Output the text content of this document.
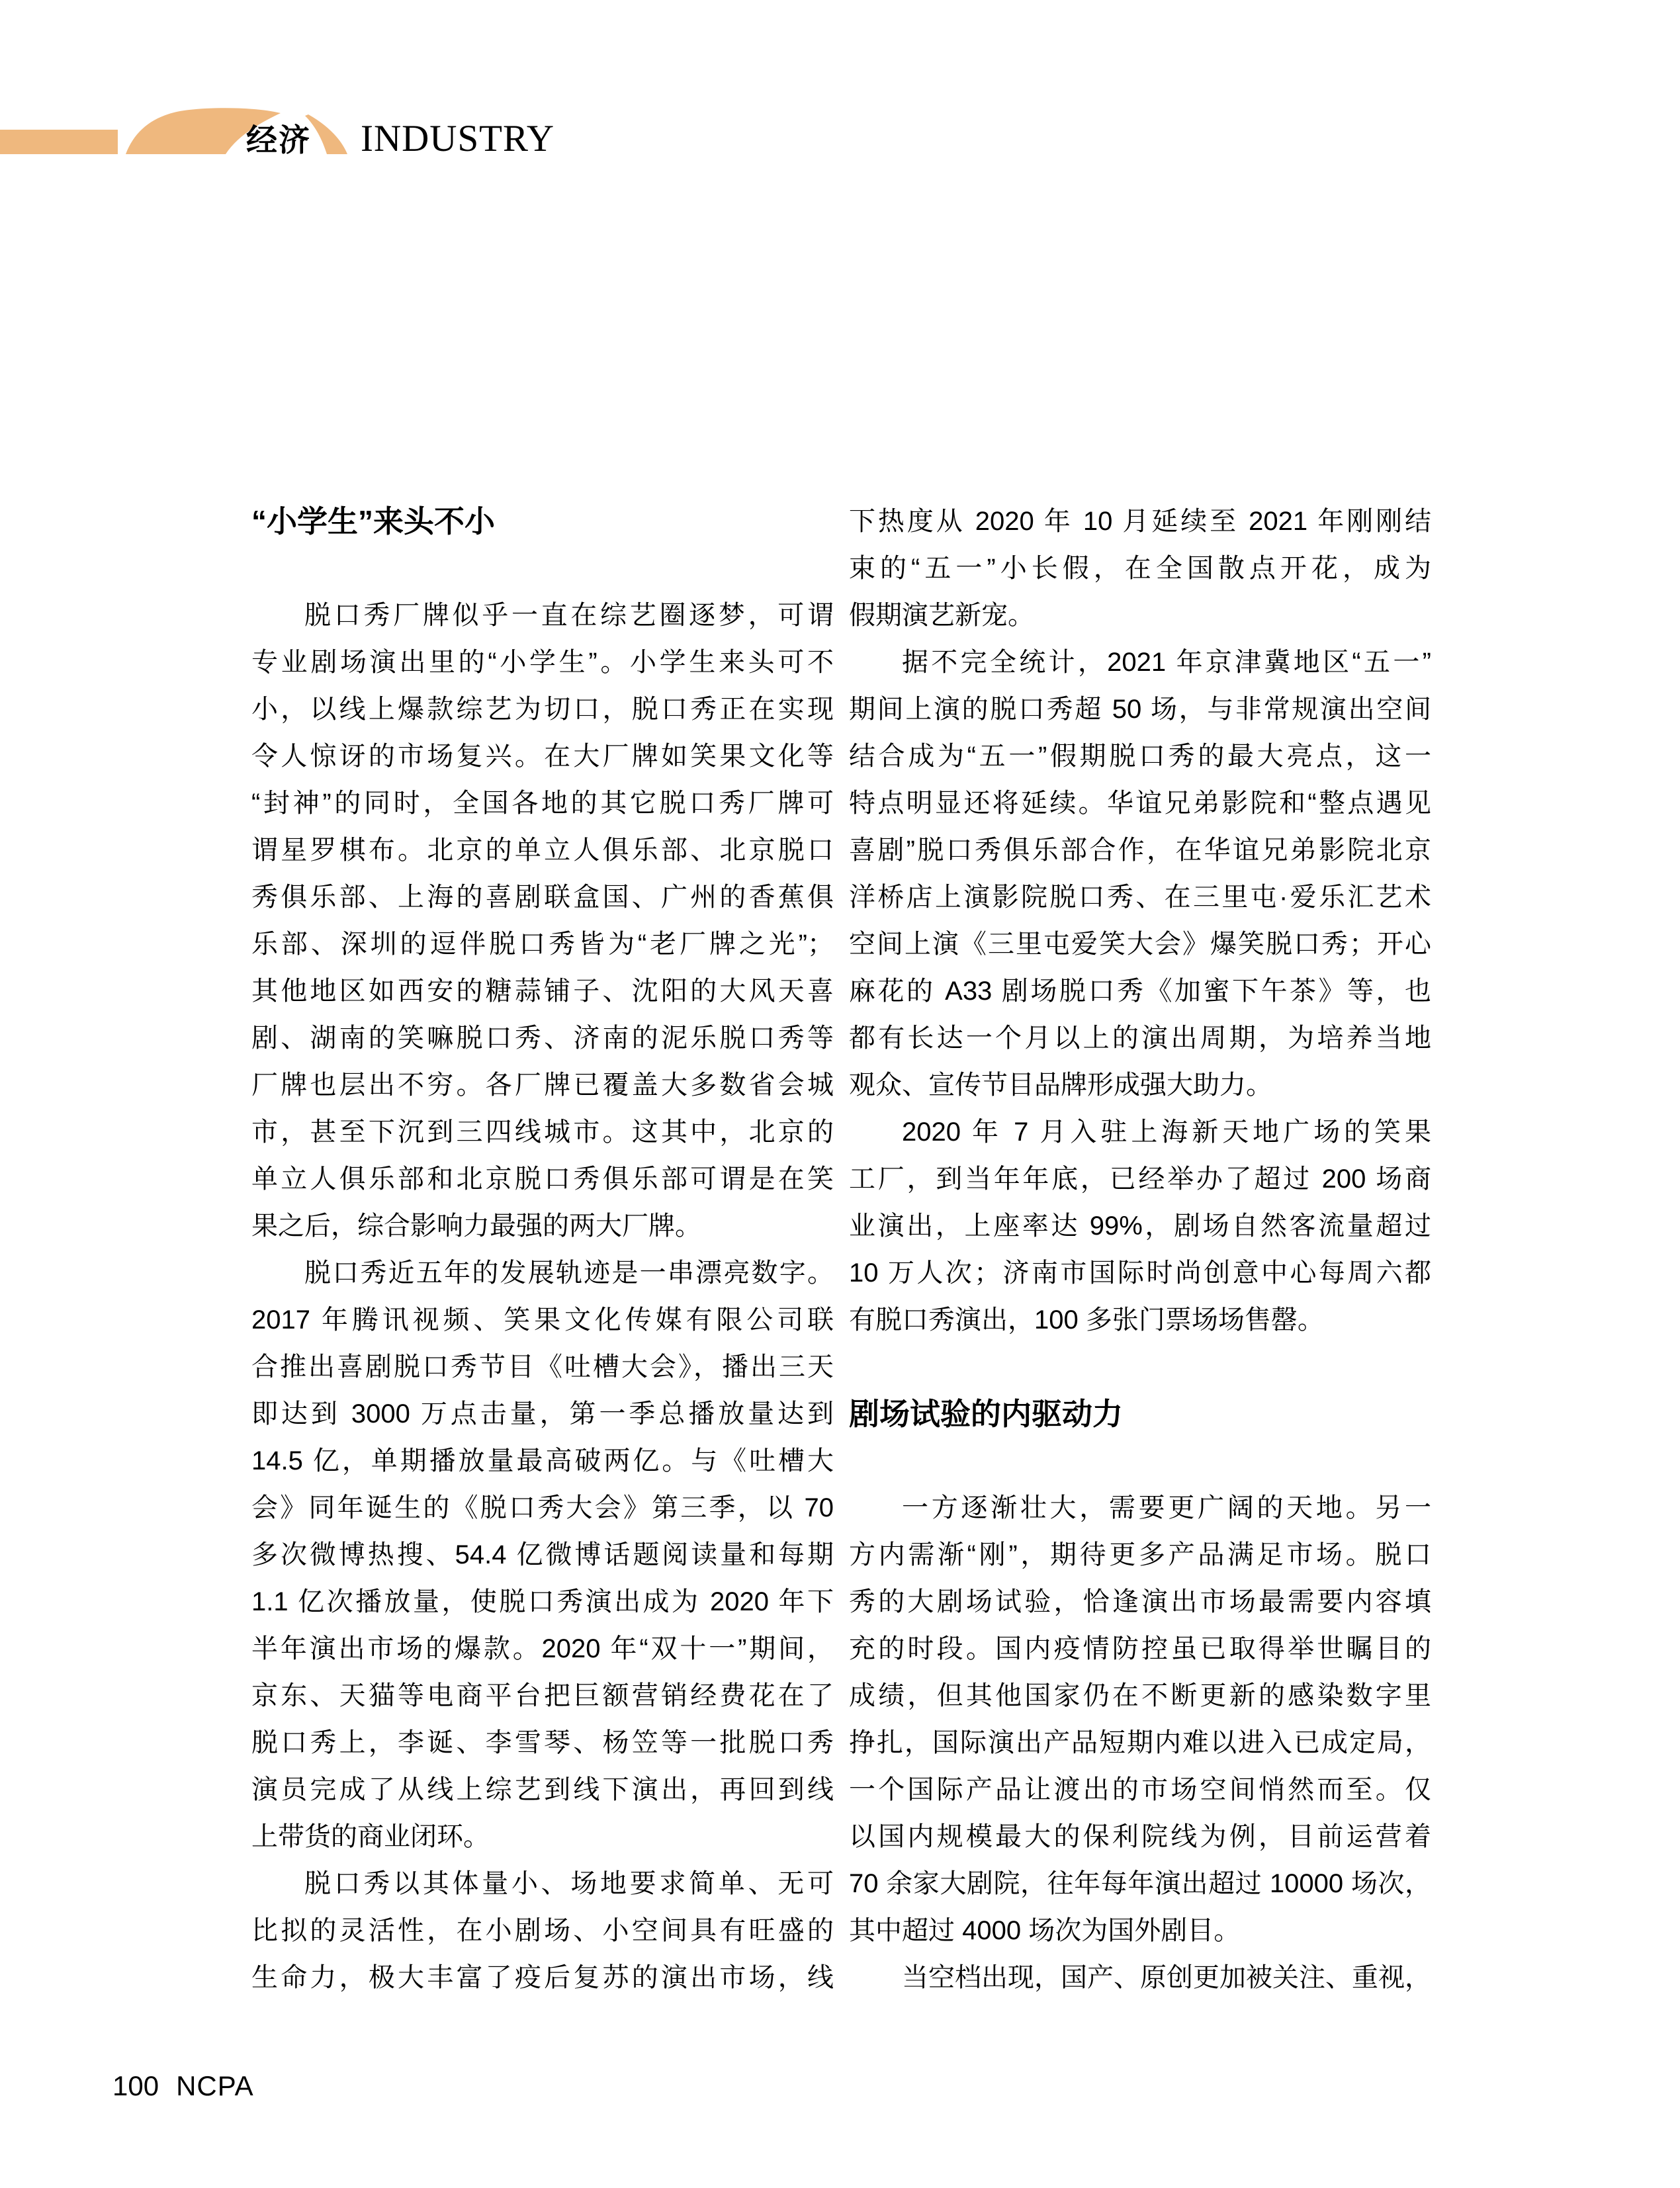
经济 INDUSTRY
“小学生”来头不小
脱口秀厂牌似乎一直在综艺圈逐梦，可谓
专业剧场演出里的“小学生”。小学生来头可不
小，以线上爆款综艺为切口，脱口秀正在实现
令人惊讶的市场复兴。在大厂牌如笑果文化等
“封神”的同时，全国各地的其它脱口秀厂牌可
谓星罗棋布。北京的单立人俱乐部、北京脱口
秀俱乐部、上海的喜剧联盒国、广州的香蕉俱
乐部、深圳的逗伴脱口秀皆为“老厂牌之光”；
其他地区如西安的糖蒜铺子、沈阳的大风天喜
剧、湖南的笑嘛脱口秀、济南的泥乐脱口秀等
厂牌也层出不穷。各厂牌已覆盖大多数省会城
市，甚至下沉到三四线城市。这其中，北京的
单立人俱乐部和北京脱口秀俱乐部可谓是在笑
果之后，综合影响力最强的两大厂牌。
脱口秀近五年的发展轨迹是一串漂亮数字。
2017 年腾讯视频、笑果文化传媒有限公司联
合推出喜剧脱口秀节目《吐槽大会》，播出三天
即达到 3000 万点击量，第一季总播放量达到
14.5 亿，单期播放量最高破两亿。与《吐槽大
会》同年诞生的《脱口秀大会》第三季，以 70
多次微博热搜、54.4 亿微博话题阅读量和每期
1.1 亿次播放量，使脱口秀演出成为 2020 年下
半年演出市场的爆款。2020 年“双十一”期间，
京东、天猫等电商平台把巨额营销经费花在了
脱口秀上，李诞、李雪琴、杨笠等一批脱口秀
演员完成了从线上综艺到线下演出，再回到线
上带货的商业闭环。
脱口秀以其体量小、场地要求简单、无可
比拟的灵活性，在小剧场、小空间具有旺盛的
生命力，极大丰富了疫后复苏的演出市场，线
下热度从 2020 年 10 月延续至 2021 年刚刚结
束的“五一”小长假，在全国散点开花，成为
假期演艺新宠。
据不完全统计，2021 年京津冀地区“五一”
期间上演的脱口秀超 50 场，与非常规演出空间
结合成为“五一”假期脱口秀的最大亮点，这一
特点明显还将延续。华谊兄弟影院和“整点遇见
喜剧”脱口秀俱乐部合作，在华谊兄弟影院北京
洋桥店上演影院脱口秀、在三里屯·爱乐汇艺术
空间上演《三里屯爱笑大会》爆笑脱口秀；开心
麻花的 A33 剧场脱口秀《加蜜下午茶》等，也
都有长达一个月以上的演出周期，为培养当地
观众、宣传节目品牌形成强大助力。
2020 年 7 月入驻上海新天地广场的笑果
工厂，到当年年底，已经举办了超过 200 场商
业演出，上座率达 99%，剧场自然客流量超过
10 万人次；济南市国际时尚创意中心每周六都
有脱口秀演出，100 多张门票场场售罄。
剧场试验的内驱动力
一方逐渐壮大，需要更广阔的天地。另一
方内需渐“刚”，期待更多产品满足市场。脱口
秀的大剧场试验，恰逢演出市场最需要内容填
充的时段。国内疫情防控虽已取得举世瞩目的
成绩，但其他国家仍在不断更新的感染数字里
挣扎，国际演出产品短期内难以进入已成定局，
一个国际产品让渡出的市场空间悄然而至。仅
以国内规模最大的保利院线为例，目前运营着
70 余家大剧院，往年每年演出超过 10000 场次，
其中超过 4000 场次为国外剧目。
当空档出现，国产、原创更加被关注、重视，
100 NCPA
